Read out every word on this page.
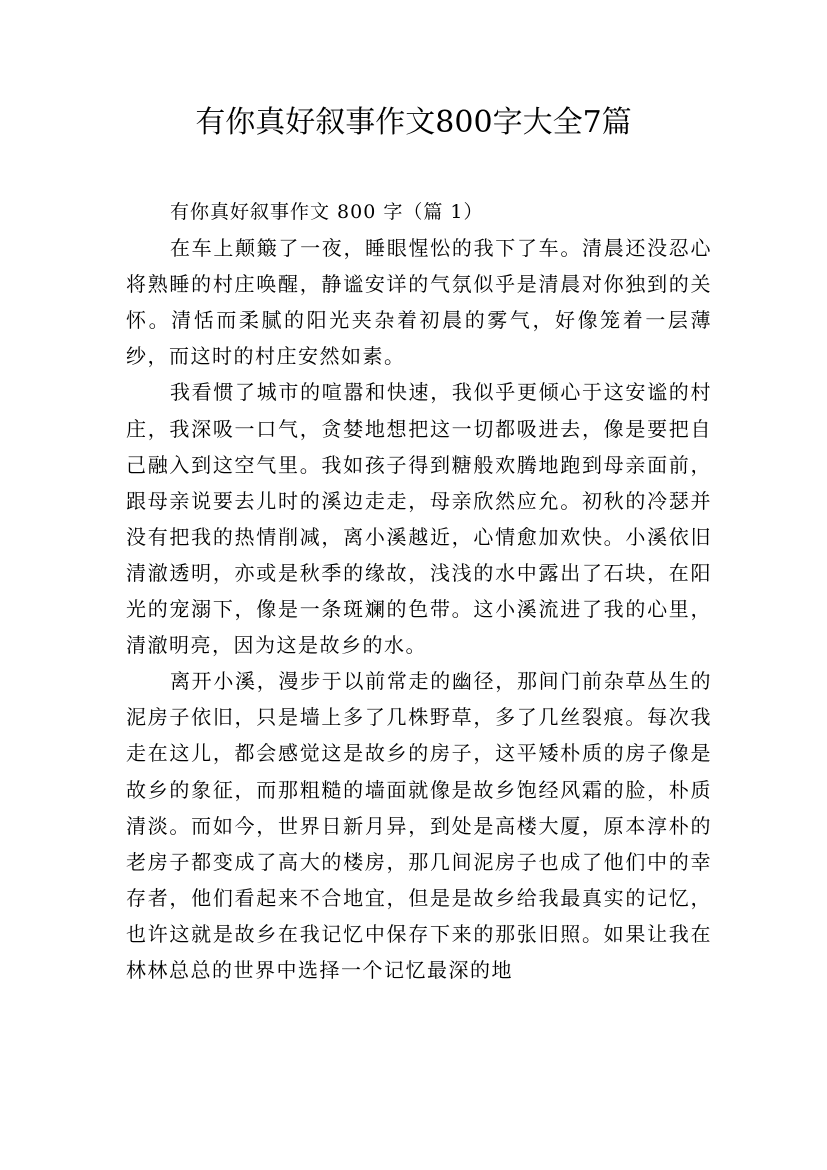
有你真好叙事作文800字大全7篇
有你真好叙事作文 800 字（篇 1）

在车上颠簸了一夜，睡眼惺忪的我下了车。清晨还没忍心将熟睡的村庄唤醒，静谧安详的气氛似乎是清晨对你独到的关怀。清恬而柔腻的阳光夹杂着初晨的雾气，好像笼着一层薄纱，而这时的村庄安然如素。

我看惯了城市的喧嚣和快速，我似乎更倾心于这安谧的村庄，我深吸一口气，贪婪地想把这一切都吸进去，像是要把自己融入到这空气里。我如孩子得到糖般欢腾地跑到母亲面前，跟母亲说要去儿时的溪边走走，母亲欣然应允。初秋的冷瑟并没有把我的热情削减，离小溪越近，心情愈加欢快。小溪依旧清澈透明，亦或是秋季的缘故，浅浅的水中露出了石块，在阳光的宠溺下，像是一条斑斓的色带。这小溪流进了我的心里，清澈明亮，因为这是故乡的水。

离开小溪，漫步于以前常走的幽径，那间门前杂草丛生的泥房子依旧，只是墙上多了几株野草，多了几丝裂痕。每次我走在这儿，都会感觉这是故乡的房子，这平矮朴质的房子像是故乡的象征，而那粗糙的墙面就像是故乡饱经风霜的脸，朴质清淡。而如今，世界日新月异，到处是高楼大厦，原本淳朴的老房子都变成了高大的楼房，那几间泥房子也成了他们中的幸存者，他们看起来不合地宜，但是是故乡给我最真实的记忆，也许这就是故乡在我记忆中保存下来的那张旧照。如果让我在林林总总的世界中选择一个记忆最深的地
